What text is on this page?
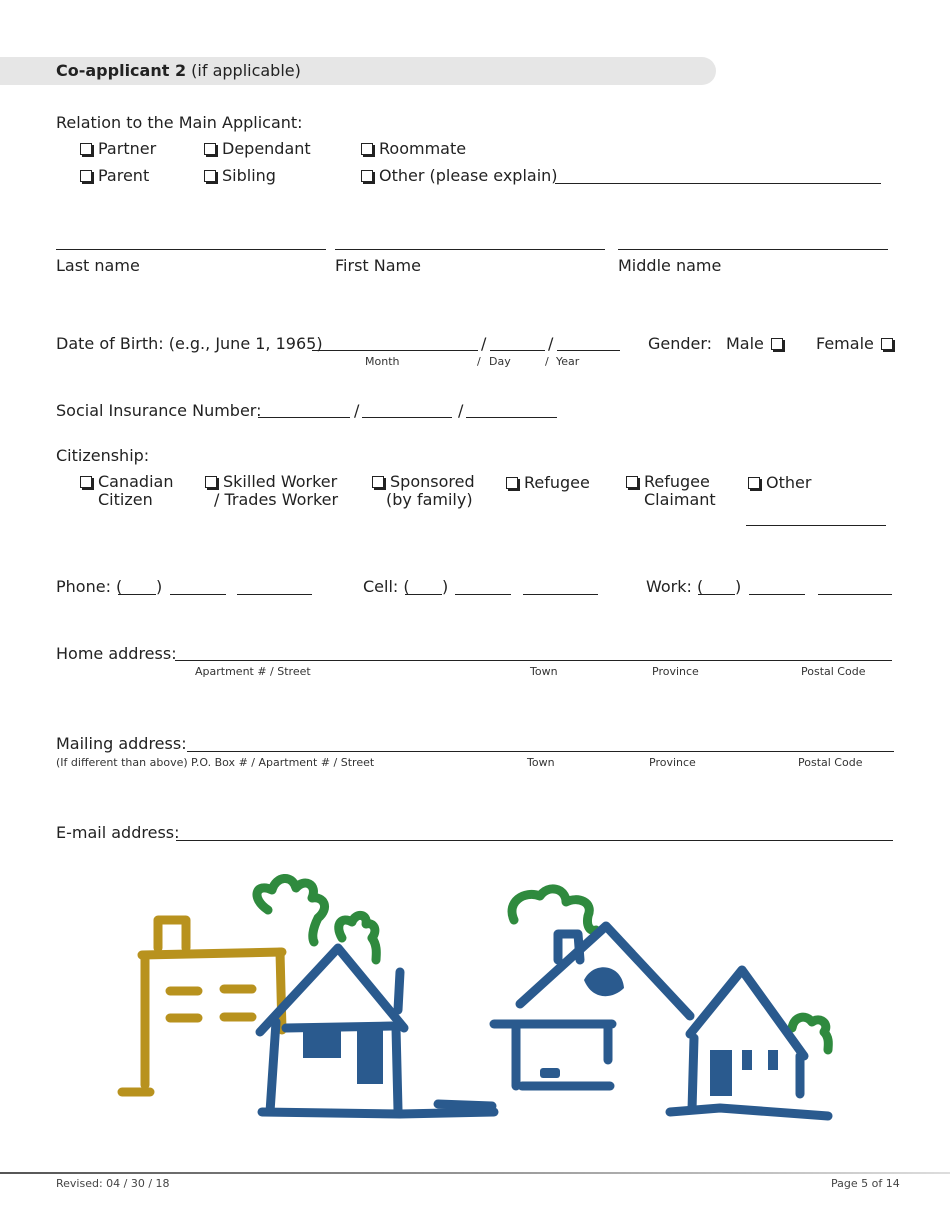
Co-applicant 2 (if applicable)
Relation to the Main Applicant:
Partner	Dependant	Roommate
Parent	Sibling	Other (please explain)
Last name	First Name	Middle name
Date of Birth: (e.g., June 1, 1965)	/	/
Month	/ Day	/ Year
Gender: Male	Female
Social Insurance Number:	/	/
Citizenship:
Canadian
Citizen
Skilled Worker
/ Trades Worker
Sponsored
(by family)
Refugee	Refugee
Claimant
Other
Phone: ( )	Cell: ( )	Work: ( )
Home address:
Apartment # / Street	Town	Province	Postal Code
Mailing address:
(If different than above) P.O. Box # / Apartment # / Street	Town	Province	Postal Code
E-mail address:
Revised: 04 / 30 / 18	Page 5 of 14
